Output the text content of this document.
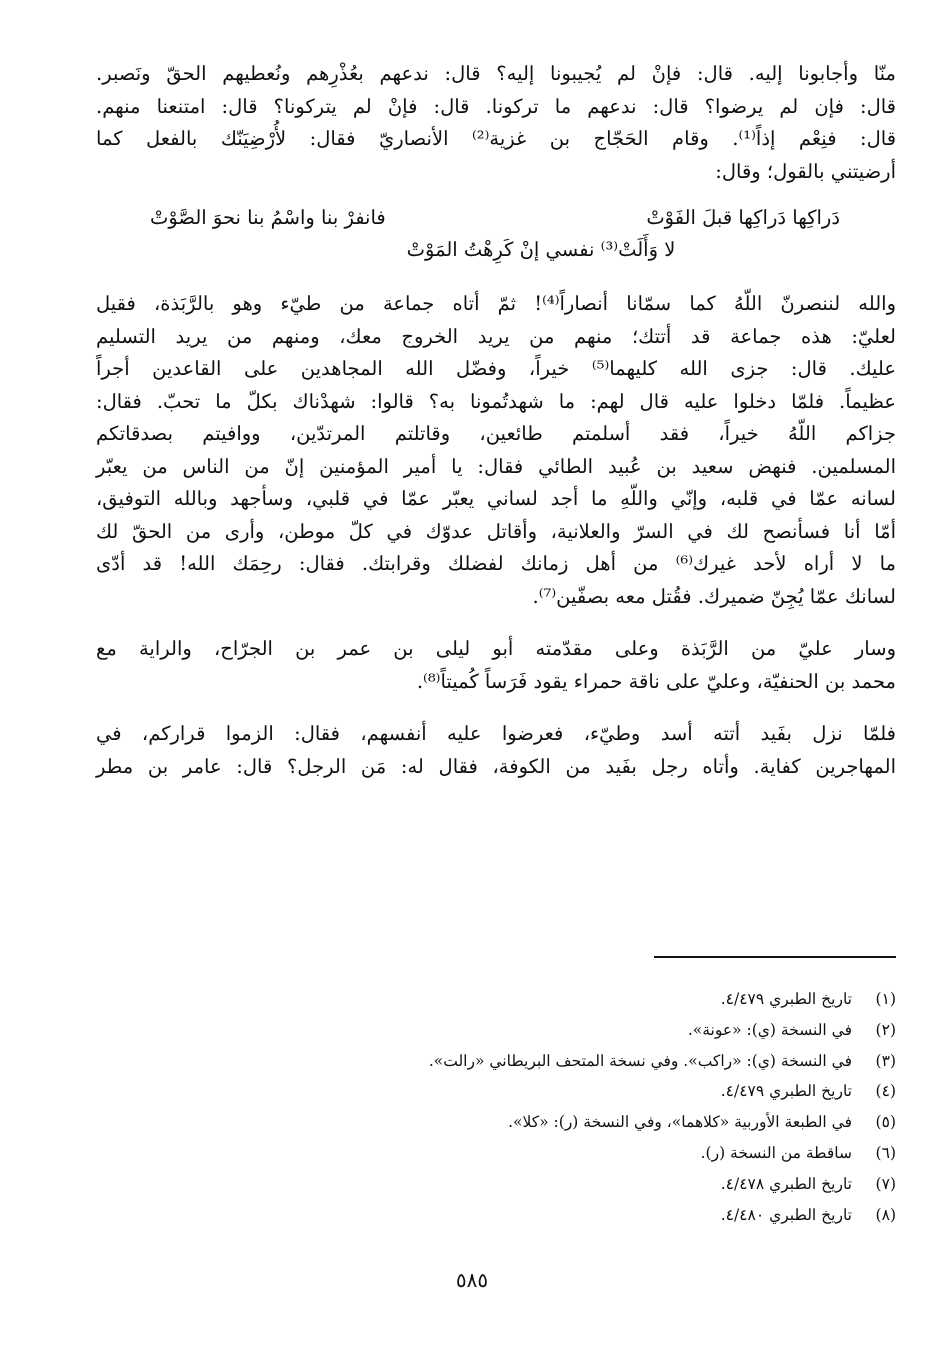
منّا وأجابونا إليه. قال: فإنْ لم يُجيبونا إليه؟ قال: ندعهم بعُذْرِهم ونُعطيهم الحقّ ونَصبر.
قال: فإن لم يرضوا؟ قال: ندعهم ما تركونا. قال: فإنْ لم يتركونا؟ قال: امتنعنا منهم.
قال: فنِعْم إذاً⁽¹⁾. وقام الحَجّاج بن غزية⁽²⁾ الأنصاريّ فقال: لأُرْضِيَنّك بالفعل كما
أرضيتني بالقول؛ وقال:

دَراكِها دَراكِها قبلَ الفَوْتْ
فانفرْ بنا واسْمُ بنا نحوَ الصَّوْتْ
لا وَأَلَتْ⁽³⁾ نفسي إنْ كَرِهْتُ المَوْتْ

والله لننصرنّ اللّهُ كما سمّانا أنصاراً⁽⁴⁾! ثمّ أتاه جماعة من طيّء وهو بالرَّبَذة، فقيل
لعليّ: هذه جماعة قد أتتك؛ منهم من يريد الخروج معك، ومنهم من يريد التسليم
عليك. قال: جزى الله كليهما⁽⁵⁾ خيراً، وفضّل الله المجاهدين على القاعدين أجراً
عظيماً. فلمّا دخلوا عليه قال لهم: ما شهدتُمونا به؟ قالوا: شهدْناك بكلّ ما تحبّ. فقال:
جزاكم اللّهُ خيراً، فقد أسلمتم طائعين، وقاتلتم المرتدّين، ووافيتم بصدقاتكم
المسلمين. فنهض سعيد بن عُبيد الطائي فقال: يا أمير المؤمنين إنّ من الناس من يعبّر
لسانه عمّا في قلبه، وإنّي واللّهِ ما أجد لساني يعبّر عمّا في قلبي، وسأجهد وبالله التوفيق،
أمّا أنا فسأنصح لك في السرّ والعلانية، وأقاتل عدوّك في كلّ موطن، وأرى من الحقّ لك
ما لا أراه لأحد غيرك⁽⁶⁾ من أهل زمانك لفضلك وقرابتك. فقال: رحِمَك الله! قد أدّى
لسانك عمّا يُجِنّ ضميرك. فقُتل معه بصفّين⁽⁷⁾.

وسار عليّ من الرَّبَذة وعلى مقدّمته أبو ليلى بن عمر بن الجرّاح، والراية مع
محمد بن الحنفيّة، وعليّ على ناقة حمراء يقود فَرَساً كُميتاً⁽⁸⁾.

فلمّا نزل بفَيد أتته أسد وطيّء، فعرضوا عليه أنفسهم، فقال: الزموا قراركم، في
المهاجرين كفاية. وأتاه رجل بفَيد من الكوفة، فقال له: مَن الرجل؟ قال: عامر بن مطر

(١)
تاريخ الطبري ٤/٤٧٩.
(٢)
في النسخة (ي): «عونة».
(٣)
في النسخة (ي): «راكب». وفي نسخة المتحف البريطاني «رالت».
(٤)
تاريخ الطبري ٤/٤٧٩.
(٥)
في الطبعة الأوربية «كلاهما»، وفي النسخة (ر): «كلا».
(٦)
ساقطة من النسخة (ر).
(٧)
تاريخ الطبري ٤/٤٧٨.
(٨)
تاريخ الطبري ٤/٤٨٠.
٥٨٥
